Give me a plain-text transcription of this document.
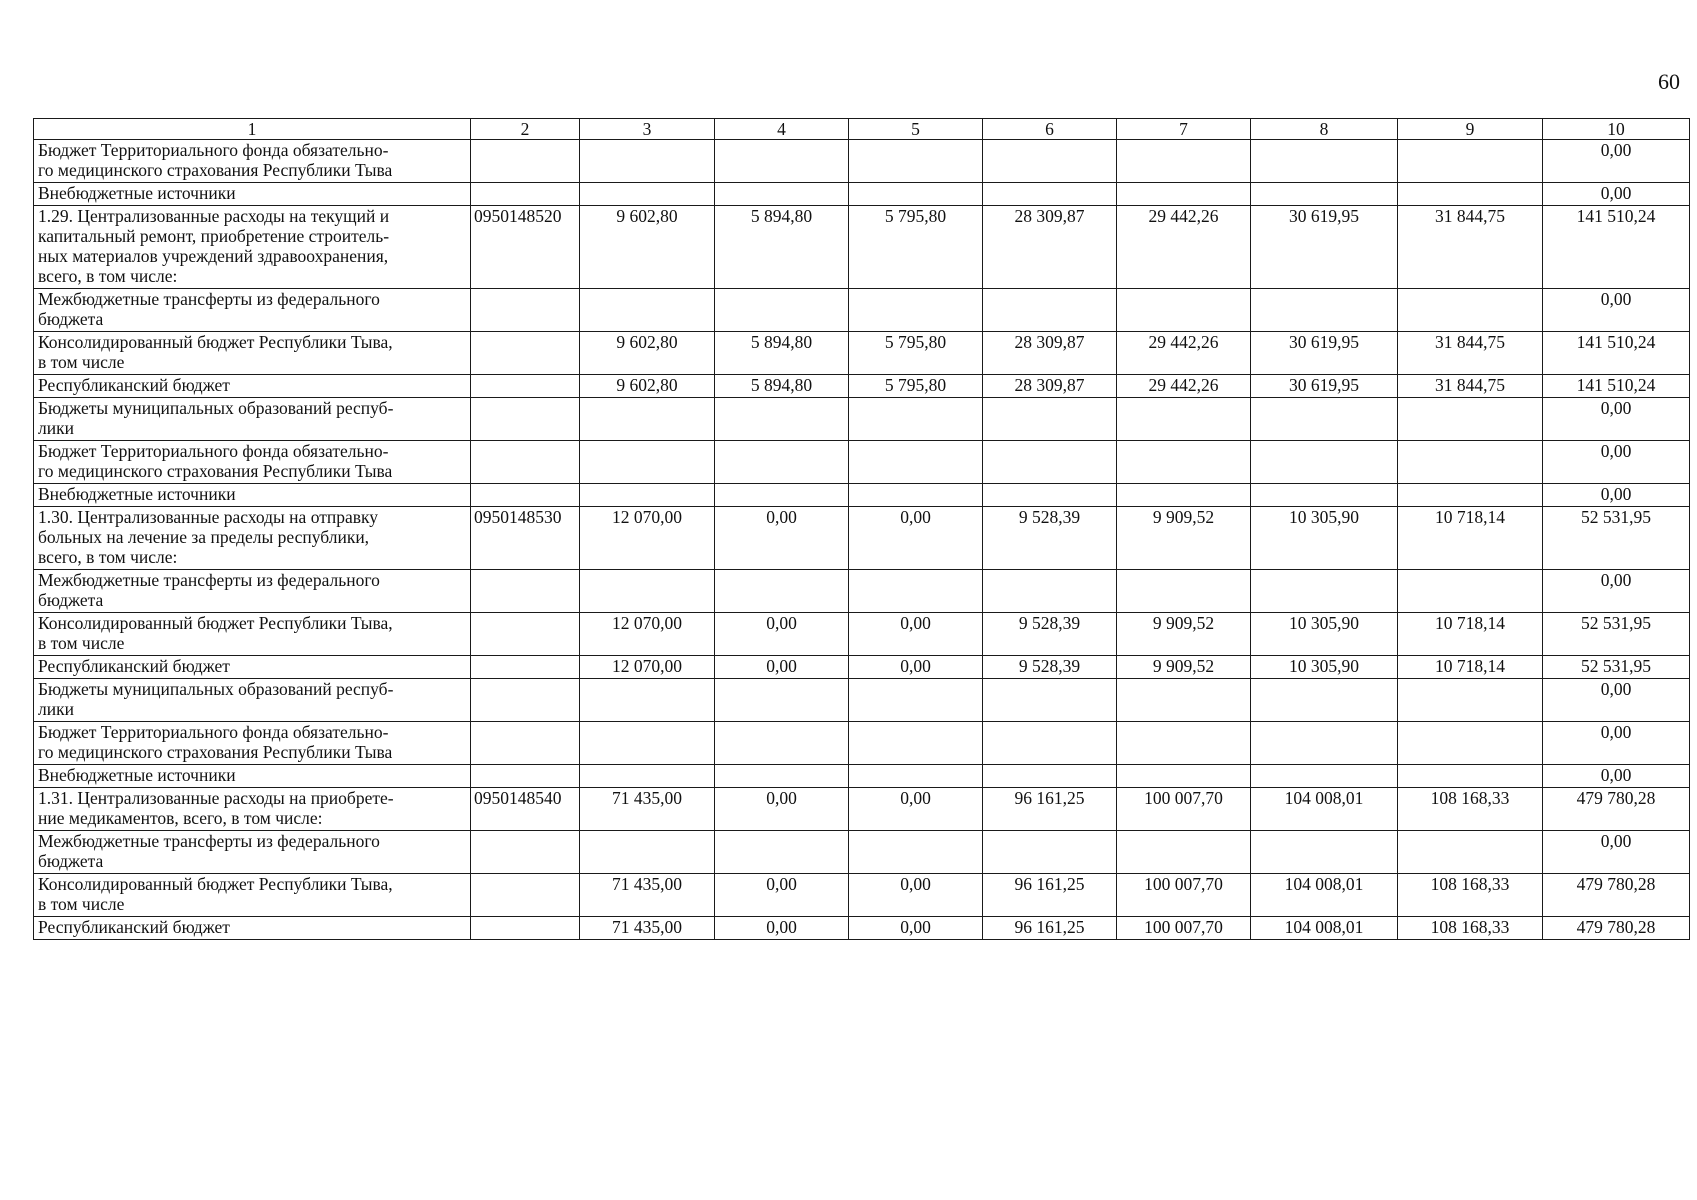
60
1	2	3	4	5	6	7	8	9	10
Бюджет Территориального фонда обязательно-
го медицинского страхования Республики Тыва									0,00
Внебюджетные источники									0,00
1.29. Централизованные расходы на текущий и
капитальный ремонт, приобретение строитель-
ных материалов учреждений здравоохранения,
всего, в том числе:	0950148520	9 602,80	5 894,80	5 795,80	28 309,87	29 442,26	30 619,95	31 844,75	141 510,24
Межбюджетные трансферты из федерального
бюджета									0,00
Консолидированный бюджет Республики Тыва,
в том числе		9 602,80	5 894,80	5 795,80	28 309,87	29 442,26	30 619,95	31 844,75	141 510,24
Республиканский бюджет		9 602,80	5 894,80	5 795,80	28 309,87	29 442,26	30 619,95	31 844,75	141 510,24
Бюджеты муниципальных образований респуб-
лики									0,00
Бюджет Территориального фонда обязательно-
го медицинского страхования Республики Тыва									0,00
Внебюджетные источники									0,00
1.30. Централизованные расходы на отправку
больных на лечение за пределы республики,
всего, в том числе:	0950148530	12 070,00	0,00	0,00	9 528,39	9 909,52	10 305,90	10 718,14	52 531,95
Межбюджетные трансферты из федерального
бюджета									0,00
Консолидированный бюджет Республики Тыва,
в том числе		12 070,00	0,00	0,00	9 528,39	9 909,52	10 305,90	10 718,14	52 531,95
Республиканский бюджет		12 070,00	0,00	0,00	9 528,39	9 909,52	10 305,90	10 718,14	52 531,95
Бюджеты муниципальных образований респуб-
лики									0,00
Бюджет Территориального фонда обязательно-
го медицинского страхования Республики Тыва									0,00
Внебюджетные источники									0,00
1.31. Централизованные расходы на приобрете-
ние медикаментов, всего, в том числе:	0950148540	71 435,00	0,00	0,00	96 161,25	100 007,70	104 008,01	108 168,33	479 780,28
Межбюджетные трансферты из федерального
бюджета									0,00
Консолидированный бюджет Республики Тыва,
в том числе		71 435,00	0,00	0,00	96 161,25	100 007,70	104 008,01	108 168,33	479 780,28
Республиканский бюджет		71 435,00	0,00	0,00	96 161,25	100 007,70	104 008,01	108 168,33	479 780,28
